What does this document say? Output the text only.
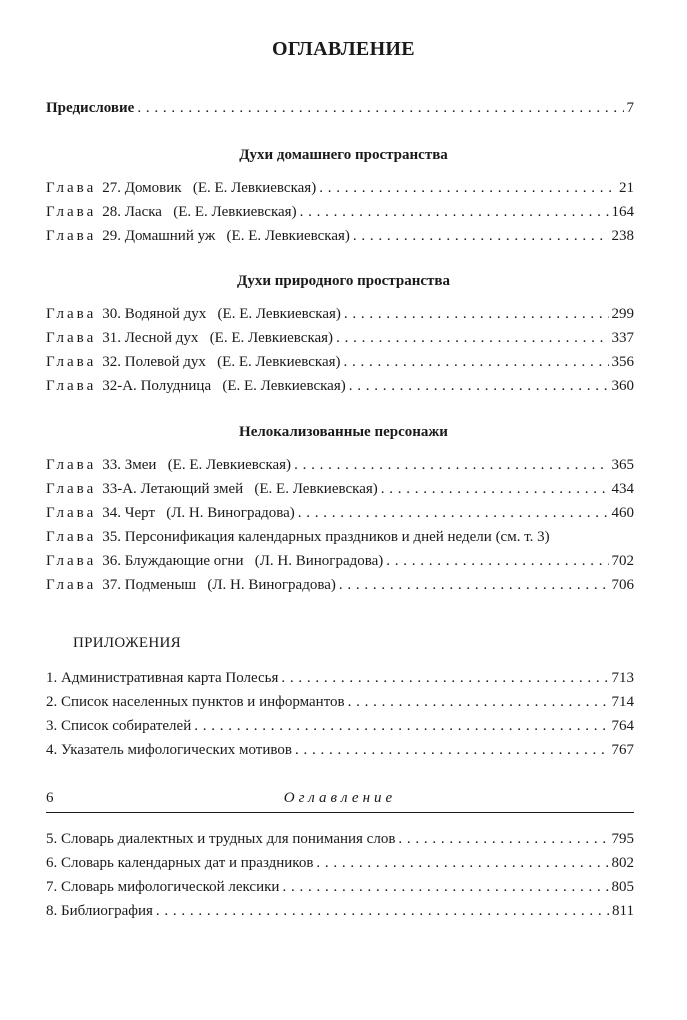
ОГЛАВЛЕНИЕ
Предисловие . . .	7
Духи домашнего пространства
Глава 27. Домовик (Е. Е. Левкиевская) . . .	21
Глава 28. Ласка (Е. Е. Левкиевская) . . .	164
Глава 29. Домашний уж (Е. Е. Левкиевская) . . .	238
Духи природного пространства
Глава 30. Водяной дух (Е. Е. Левкиевская) . . .	299
Глава 31. Лесной дух (Е. Е. Левкиевская) . . .	337
Глава 32. Полевой дух (Е. Е. Левкиевская) . . .	356
Глава 32-А. Полудница (Е. Е. Левкиевская) . . .	360
Нелокализованные персонажи
Глава 33. Змеи (Е. Е. Левкиевская) . . .	365
Глава 33-А. Летающий змей (Е. Е. Левкиевская) . . .	434
Глава 34. Черт (Л. Н. Виноградова) . . .	460
Глава 35. Персонификация календарных праздников и дней недели (см. т. 3)
Глава 36. Блуждающие огни (Л. Н. Виноградова) . . .	702
Глава 37. Подменыш (Л. Н. Виноградова) . . .	706
ПРИЛОЖЕНИЯ
1. Административная карта Полесья . . .	713
2. Список населенных пунктов и информантов . . .	714
3. Список собирателей . . .	764
4. Указатель мифологических мотивов . . .	767
6	Оглавление
5. Словарь диалектных и трудных для понимания слов . . .	795
6. Словарь календарных дат и праздников . . .	802
7. Словарь мифологической лексики . . .	805
8. Библиография . . .	811
